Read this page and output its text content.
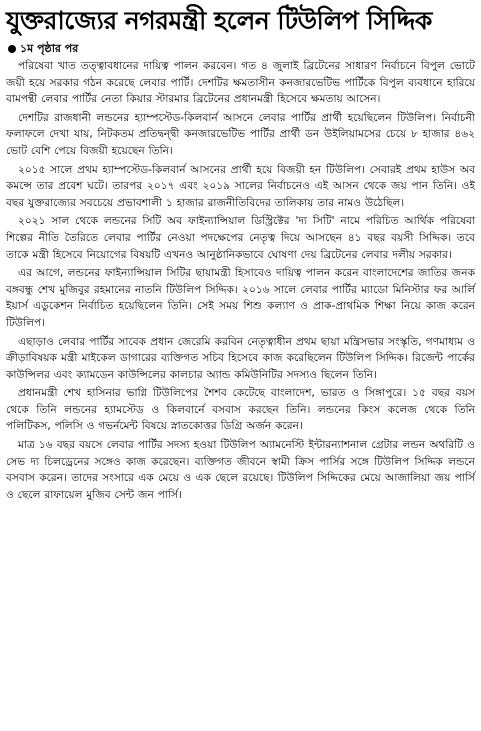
যুক্তরাজ্যের নগরমন্ত্রী হলেন টিউলিপ সিদ্দিক
১ম পৃষ্ঠার পর

পরিষেবা খাত তত্ত্বাবধানের দায়িত্ব পালন করবেন। গত ৪ জুলাই ব্রিটেনের সাধারণ নির্বাচনে বিপুল ভোটে জয়ী হয়ে সরকার গঠন করেছে লেবার পার্টি। দেশটির ক্ষমতাসীন কনজারভেটিভ পার্টিকে বিপুল ব্যবধানে হারিয়ে বামপন্থী লেবার পার্টির নেতা কিয়ার স্টারমার ব্রিটেনের প্রধানমন্ত্রী হিসেবে ক্ষমতায় আসেন।

দেশটির রাজধানী লন্ডনের হ্যাম্পস্টেড-কিলবার্ন আসনে লেবার পার্টির প্রার্থী হয়েছিলেন টিউলিপ। নির্বাচনী ফলাফলে দেখা যায়, নিটকতম প্রতিদ্বন্দ্বী কনজারভেটিভ পার্টির প্রার্থী ডন উইলিয়ামসের চেয়ে ৮ হাজার ৪৬২ ভোট বেশি পেয়ে বিজয়ী হয়েছেন তিনি।

২০১৫ সালে প্রথম হ্যাম্পস্টেড-কিলবার্ন আসনের প্রার্থী হয়ে বিজয়ী হন টিউলিপ। সেবারই প্রথম হাউস অব কমন্সে তার প্রবেশ ঘটে। তারপর ২০১৭ এবং ২০১৯ সালের নির্বাচনেও এই আসন থেকে জয় পান তিনি। ওই বছর যুক্তরাজ্যের সবচেয়ে প্রভাবশালী ১ হাজার রাজনীতিবিদের তালিকায় তার নামও উঠেছিল।

২০২১ সাল থেকে লন্ডনের সিটি অব ফাইন্যান্সিয়াল ডিস্ট্রিক্টের 'দ্য সিটি' নামে পরিচিত আর্থিক পরিষেবা শিল্পের নীতি তৈরিতে লেবার পার্টির নেওয়া পদক্ষেপের নেতৃত্ব দিয়ে আসছেন ৪১ বছর বয়সী সিদ্দিক। তবে তাকে মন্ত্রী হিসেবে নিয়োগের বিষয়টি এখনও আনুষ্ঠানিকভাবে ঘোষণা দেয় ব্রিটেনের লেবার দলীয় সরকার।

এর আগে, লন্ডনের ফাইন্যান্সিয়াল সিটির ছায়ামন্ত্রী হিসাবেও দায়িত্ব পালন করেন বাংলাদেশের জাতির জনক বঙ্গবন্ধু শেখ মুজিবুর রহমানের নাতনি টিউলিপ সিদ্দিক। ২০১৬ সালে লেবার পার্টির ম্যাডো মিনিস্টার ফর আর্লি ইয়ার্স এডুকেশন নির্বাচিত হয়েছিলেন তিনি। সেই সময় শিশু কল্যাণ ও প্রাক-প্রাথমিক শিক্ষা নিয়ে কাজ করেন টিউলিপ।

এছাড়াও লেবার পার্টির সাবেক প্রধান জেরেমি করবিন নেতৃত্বাধীন প্রথম ছায়া মন্ত্রিসভার সংস্কৃতি, গণমাধ্যম ও ক্রীড়াবিষয়ক মন্ত্রী মাইকেল ডাগারের ব্যক্তিগত সচিব হিসেবে কাজ করেছিলেন টিউলিপ সিদ্দিক। রিজেন্ট পার্কের কাউন্সিলর এবং ক্যামডেন কাউন্সিলের কালচার অ্যান্ড কমিউনিটির সদস্যও ছিলেন তিনি।

প্রধানমন্ত্রী শেখ হাসিনার ভাগ্নি টিউলিপের শৈশব কেটেছে বাংলাদেশ, ভারত ও সিঙ্গাপুরে। ১৫ বছর বয়স থেকে তিনি লন্ডনের হ্যামস্টেড ও কিলবার্নে বসবাস করছেন তিনি। লন্ডনের কিংস কলেজ থেকে তিনি পলিটিকস, পলিসি ও গভর্নমেন্ট বিষয়ে স্নাতকোত্তর ডিগ্রি অর্জন করেন।

মাত্র ১৬ বছর বয়সে লেবার পার্টির সদস্য হওয়া টিউলিপ অ্যামনেস্টি ইন্টারন্যাশনাল গ্রেটার লন্ডন অথরিটি ও সেভ দ্য চিলড্রেনের সঙ্গেও কাজ করেছেন। ব্যক্তিগত জীবনে স্বামী ক্রিস পার্সির সঙ্গে টিউলিপ সিদ্দিক লন্ডনে বসবাস করেন। তাদের সংসারে এক মেয়ে ও এক ছেলে রয়েছে। টিউলিপ সিদ্দিকের মেয়ে আজালিয়া জয় পার্সি ও ছেলে রাফায়েল মুজিব সেন্ট জন পার্সি।
